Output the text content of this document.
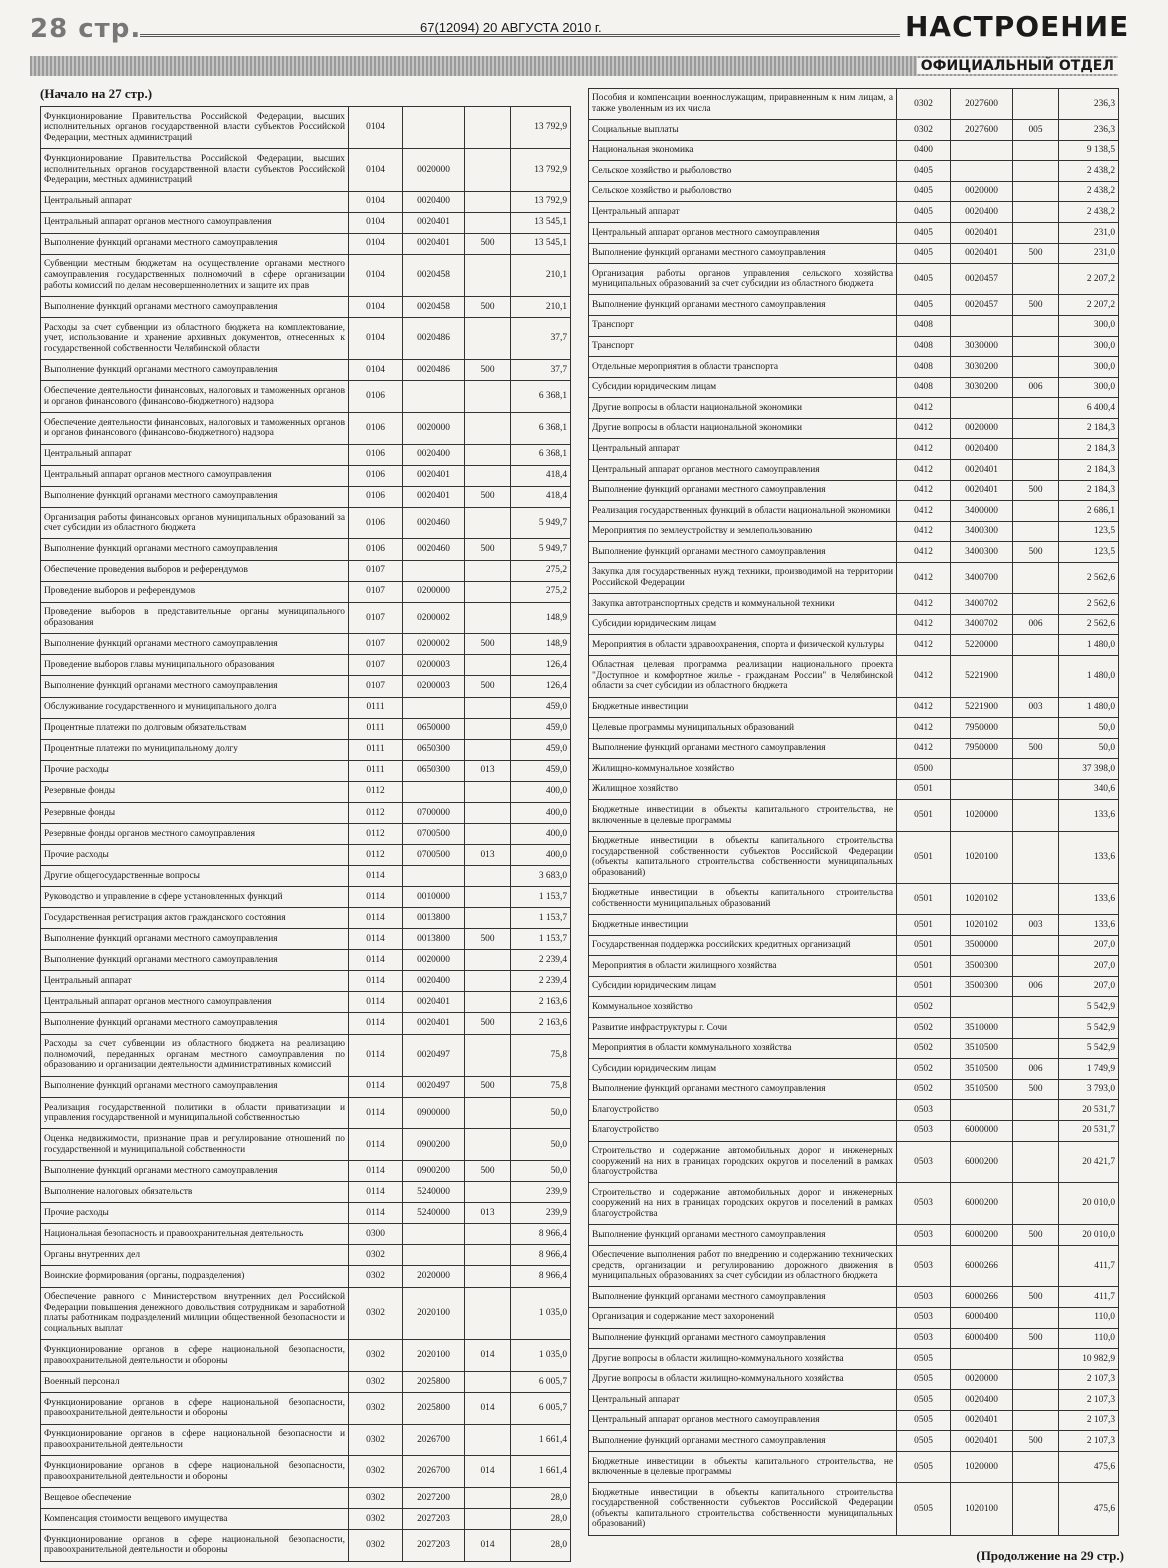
28 стр.	67(12094) 20 АВГУСТА 2010 г.	НАСТРОЕНИЕ
ОФИЦИАЛЬНЫЙ ОТДЕЛ
(Начало на 27 стр.)
Функционирование Правительства Российской Федерации, высших исполнительных органов государственной власти субъектов Российской Федерации, местных администраций	0104			13 792,9
Функционирование Правительства Российской Федерации, высших исполнительных органов государственной власти субъектов Российской Федерации, местных администраций	0104	0020000		13 792,9
Центральный аппарат	0104	0020400		13 792,9
Центральный аппарат органов местного самоуправления	0104	0020401		13 545,1
Выполнение функций органами местного самоуправления	0104	0020401	500	13 545,1
Субвенции местным бюджетам на осуществление органами местного самоуправления государственных полномочий в сфере организации работы комиссий по делам несовершеннолетних и защите их прав	0104	0020458		210,1
Выполнение функций органами местного самоуправления	0104	0020458	500	210,1
Расходы за счет субвенции из областного бюджета на комплектование, учет, использование и хранение архивных документов, отнесенных к государственной собственности Челябинской области	0104	0020486		37,7
Выполнение функций органами местного самоуправления	0104	0020486	500	37,7
Обеспечение деятельности финансовых, налоговых и таможенных органов и органов финансового (финансово-бюджетного) надзора	0106			6 368,1
Обеспечение деятельности финансовых, налоговых и таможенных органов и органов финансового (финансово-бюджетного) надзора	0106	0020000		6 368,1
Центральный аппарат	0106	0020400		6 368,1
Центральный аппарат органов местного самоуправления	0106	0020401		418,4
Выполнение функций органами местного самоуправления	0106	0020401	500	418,4
Организация работы финансовых органов муниципальных образований за счет субсидии из областного бюджета	0106	0020460		5 949,7
Выполнение функций органами местного самоуправления	0106	0020460	500	5 949,7
Обеспечение проведения выборов и референдумов	0107			275,2
Проведение выборов и референдумов	0107	0200000		275,2
Проведение выборов в представительные органы муниципального образования	0107	0200002		148,9
Выполнение функций органами местного самоуправления	0107	0200002	500	148,9
Проведение выборов главы муниципального образования	0107	0200003		126,4
Выполнение функций органами местного самоуправления	0107	0200003	500	126,4
Обслуживание государственного и муниципального долга	0111			459,0
Процентные платежи по долговым обязательствам	0111	0650000		459,0
Процентные платежи по муниципальному долгу	0111	0650300		459,0
Прочие расходы	0111	0650300	013	459,0
Резервные фонды	0112			400,0
Резервные фонды	0112	0700000		400,0
Резервные фонды органов местного самоуправления	0112	0700500		400,0
Прочие расходы	0112	0700500	013	400,0
Другие общегосударственные вопросы	0114			3 683,0
Руководство и управление в сфере установленных функций	0114	0010000		1 153,7
Государственная регистрация актов гражданского состояния	0114	0013800		1 153,7
Выполнение функций органами местного самоуправления	0114	0013800	500	1 153,7
Выполнение функций органами местного самоуправления	0114	0020000		2 239,4
Центральный аппарат	0114	0020400		2 239,4
Центральный аппарат органов местного самоуправления	0114	0020401		2 163,6
Выполнение функций органами местного самоуправления	0114	0020401	500	2 163,6
Расходы за счет субвенции из областного бюджета на реализацию полномочий, переданных органам местного самоуправления по образованию и организации деятельности административных комиссий	0114	0020497		75,8
Выполнение функций органами местного самоуправления	0114	0020497	500	75,8
Реализация государственной политики в области приватизации и управления государственной и муниципальной собственностью	0114	0900000		50,0
Оценка недвижимости, признание прав и регулирование отношений по государственной и муниципальной собственности	0114	0900200		50,0
Выполнение функций органами местного самоуправления	0114	0900200	500	50,0
Выполнение налоговых обязательств	0114	5240000		239,9
Прочие расходы	0114	5240000	013	239,9
Национальная безопасность и правоохранительная деятельность	0300			8 966,4
Органы внутренних дел	0302			8 966,4
Воинские формирования (органы, подразделения)	0302	2020000		8 966,4
Обеспечение равного с Министерством внутренних дел Российской Федерации повышения денежного довольствия сотрудникам и заработной платы работникам подразделений милиции общественной безопасности и социальных выплат	0302	2020100		1 035,0
Функционирование органов в сфере национальной безопасности, правоохранительной деятельности и обороны	0302	2020100	014	1 035,0
Военный персонал	0302	2025800		6 005,7
Функционирование органов в сфере национальной безопасности, правоохранительной деятельности и обороны	0302	2025800	014	6 005,7
Функционирование органов в сфере национальной безопасности и правоохранительной деятельности	0302	2026700		1 661,4
Функционирование органов в сфере национальной безопасности, правоохранительной деятельности и обороны	0302	2026700	014	1 661,4
Вещевое обеспечение	0302	2027200		28,0
Компенсация стоимости вещевого имущества	0302	2027203		28,0
Функционирование органов в сфере национальной безопасности, правоохранительной деятельности и обороны	0302	2027203	014	28,0
Пособия и компенсации военнослужащим, приравненным к ним лицам, а также уволенным из их числа	0302	2027600		236,3
Социальные выплаты	0302	2027600	005	236,3
Национальная экономика	0400			9 138,5
Сельское хозяйство и рыболовство	0405			2 438,2
Сельское хозяйство и рыболовство	0405	0020000		2 438,2
Центральный аппарат	0405	0020400		2 438,2
Центральный аппарат органов местного самоуправления	0405	0020401		231,0
Выполнение функций органами местного самоуправления	0405	0020401	500	231,0
Организация работы органов управления сельского хозяйства муниципальных образований за счет субсидии из областного бюджета	0405	0020457		2 207,2
Выполнение функций органами местного самоуправления	0405	0020457	500	2 207,2
Транспорт	0408			300,0
Транспорт	0408	3030000		300,0
Отдельные мероприятия в области транспорта	0408	3030200		300,0
Субсидии юридическим лицам	0408	3030200	006	300,0
Другие вопросы в области национальной экономики	0412			6 400,4
Другие вопросы в области национальной экономики	0412	0020000		2 184,3
Центральный аппарат	0412	0020400		2 184,3
Центральный аппарат органов местного самоуправления	0412	0020401		2 184,3
Выполнение функций органами местного самоуправления	0412	0020401	500	2 184,3
Реализация государственных функций в области национальной экономики	0412	3400000		2 686,1
Мероприятия по землеустройству и землепользованию	0412	3400300		123,5
Выполнение функций органами местного самоуправления	0412	3400300	500	123,5
Закупка для государственных нужд техники, производимой на территории Российской Федерации	0412	3400700		2 562,6
Закупка автотранспортных средств и коммунальной техники	0412	3400702		2 562,6
Субсидии юридическим лицам	0412	3400702	006	2 562,6
Мероприятия в области здравоохранения, спорта и физической культуры	0412	5220000		1 480,0
Областная целевая программа реализации национального проекта "Доступное и комфортное жилье - гражданам России" в Челябинской области за счет субсидии из областного бюджета	0412	5221900		1 480,0
Бюджетные инвестиции	0412	5221900	003	1 480,0
Целевые программы муниципальных образований	0412	7950000		50,0
Выполнение функций органами местного самоуправления	0412	7950000	500	50,0
Жилищно-коммунальное хозяйство	0500			37 398,0
Жилищное хозяйство	0501			340,6
Бюджетные инвестиции в объекты капитального строительства, не включенные в целевые программы	0501	1020000		133,6
Бюджетные инвестиции в объекты капитального строительства государственной собственности субъектов Российской Федерации (объекты капитального строительства собственности муниципальных образований)	0501	1020100		133,6
Бюджетные инвестиции в объекты капитального строительства собственности муниципальных образований	0501	1020102		133,6
Бюджетные инвестиции	0501	1020102	003	133,6
Государственная поддержка российских кредитных организаций	0501	3500000		207,0
Мероприятия в области жилищного хозяйства	0501	3500300		207,0
Субсидии юридическим лицам	0501	3500300	006	207,0
Коммунальное хозяйство	0502			5 542,9
Развитие инфраструктуры г. Сочи	0502	3510000		5 542,9
Мероприятия в области коммунального хозяйства	0502	3510500		5 542,9
Субсидии юридическим лицам	0502	3510500	006	1 749,9
Выполнение функций органами местного самоуправления	0502	3510500	500	3 793,0
Благоустройство	0503			20 531,7
Благоустройство	0503	6000000		20 531,7
Строительство и содержание автомобильных дорог и инженерных сооружений на них в границах городских округов и поселений в рамках благоустройства	0503	6000200		20 421,7
Строительство и содержание автомобильных дорог и инженерных сооружений на них в границах городских округов и поселений в рамках благоустройства	0503	6000200		20 010,0
Выполнение функций органами местного самоуправления	0503	6000200	500	20 010,0
Обеспечение выполнения работ по внедрению и содержанию технических средств, организации и регулированию дорожного движения в муниципальных образованиях за счет субсидии из областного бюджета	0503	6000266		411,7
Выполнение функций органами местного самоуправления	0503	6000266	500	411,7
Организация и содержание мест захоронений	0503	6000400		110,0
Выполнение функций органами местного самоуправления	0503	6000400	500	110,0
Другие вопросы в области жилищно-коммунального хозяйства	0505			10 982,9
Другие вопросы в области жилищно-коммунального хозяйства	0505	0020000		2 107,3
Центральный аппарат	0505	0020400		2 107,3
Центральный аппарат органов местного самоуправления	0505	0020401		2 107,3
Выполнение функций органами местного самоуправления	0505	0020401	500	2 107,3
Бюджетные инвестиции в объекты капитального строительства, не включенные в целевые программы	0505	1020000		475,6
Бюджетные инвестиции в объекты капитального строительства государственной собственности субъектов Российской Федерации (объекты капитального строительства собственности муниципальных образований)	0505	1020100		475,6
(Продолжение на 29 стр.)
